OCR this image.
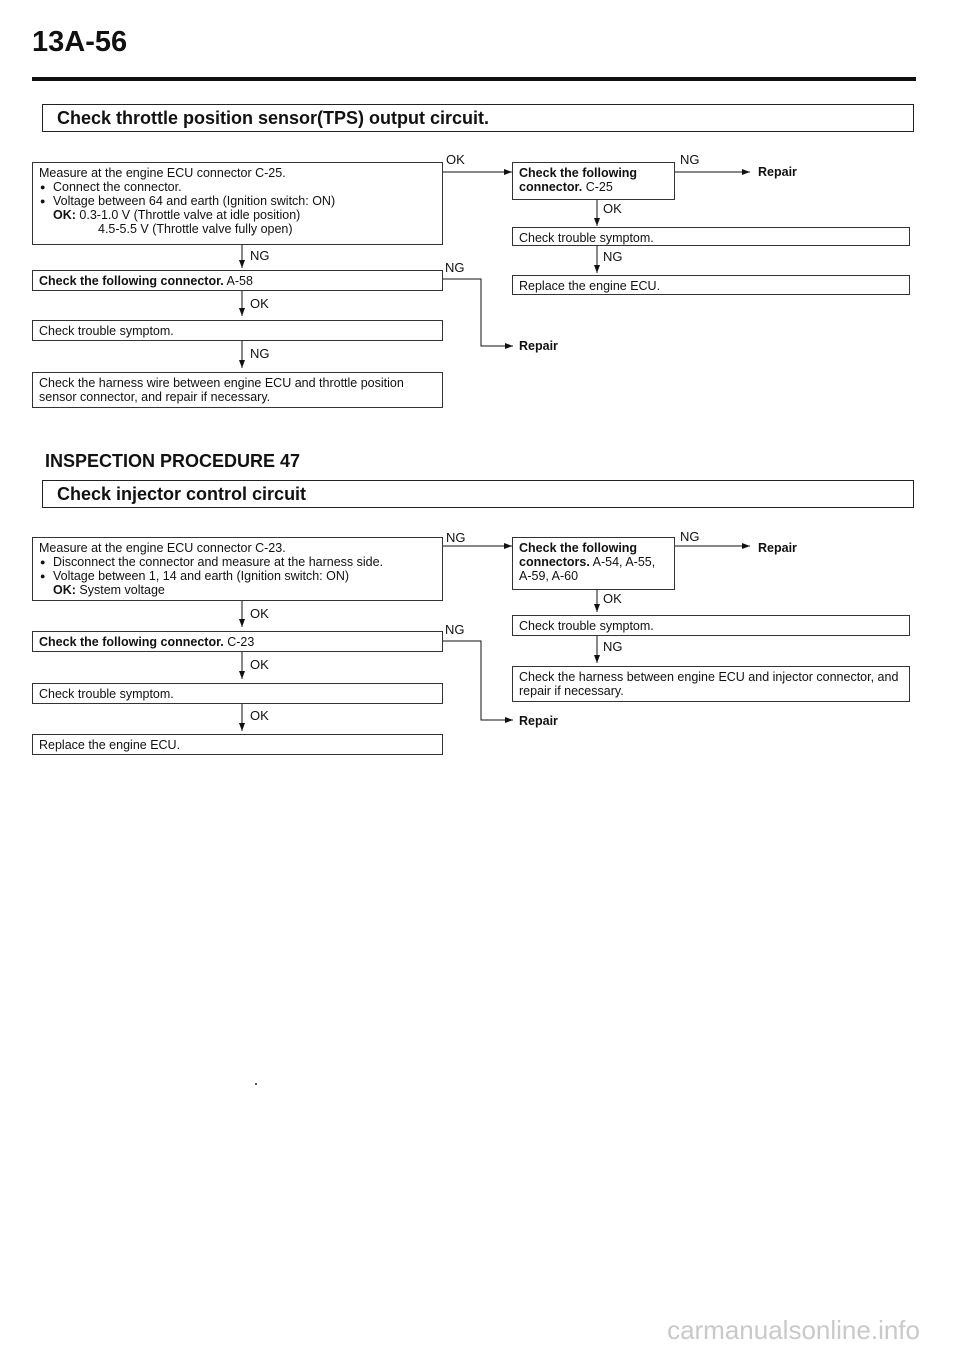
13A-56
Check throttle position sensor(TPS) output circuit.
Measure at the engine ECU connector C-25.
● Connect the connector.
● Voltage between 64 and earth (Ignition switch: ON)
OK: 0.3-1.0 V (Throttle valve at idle position)
4.5-5.5 V (Throttle valve fully open)
Check the following connector. A-58
Check trouble symptom.
Check the harness wire between engine ECU and throttle position sensor connector, and repair if necessary.
Check the following connector. C-25
Check trouble symptom.
Replace the engine ECU.
OK	NG
Repair
NG
OK
NG
NG
OK
NG
Repair
INSPECTION PROCEDURE 47
Check injector control circuit
Measure at the engine ECU connector C-23.
● Disconnect the connector and measure at the harness side.
● Voltage between 1, 14 and earth (Ignition switch: ON)
OK: System voltage
Check the following connector. C-23
Check trouble symptom.
Replace the engine ECU.
Check the following connectors. A-54, A-55,
A-59, A-60
Check trouble symptom.
Check the harness between engine ECU and injector connector, and repair if necessary.
NG	NG
Repair
OK
OK
OK
NG
OK
NG
Repair
carmanualsonline.info
